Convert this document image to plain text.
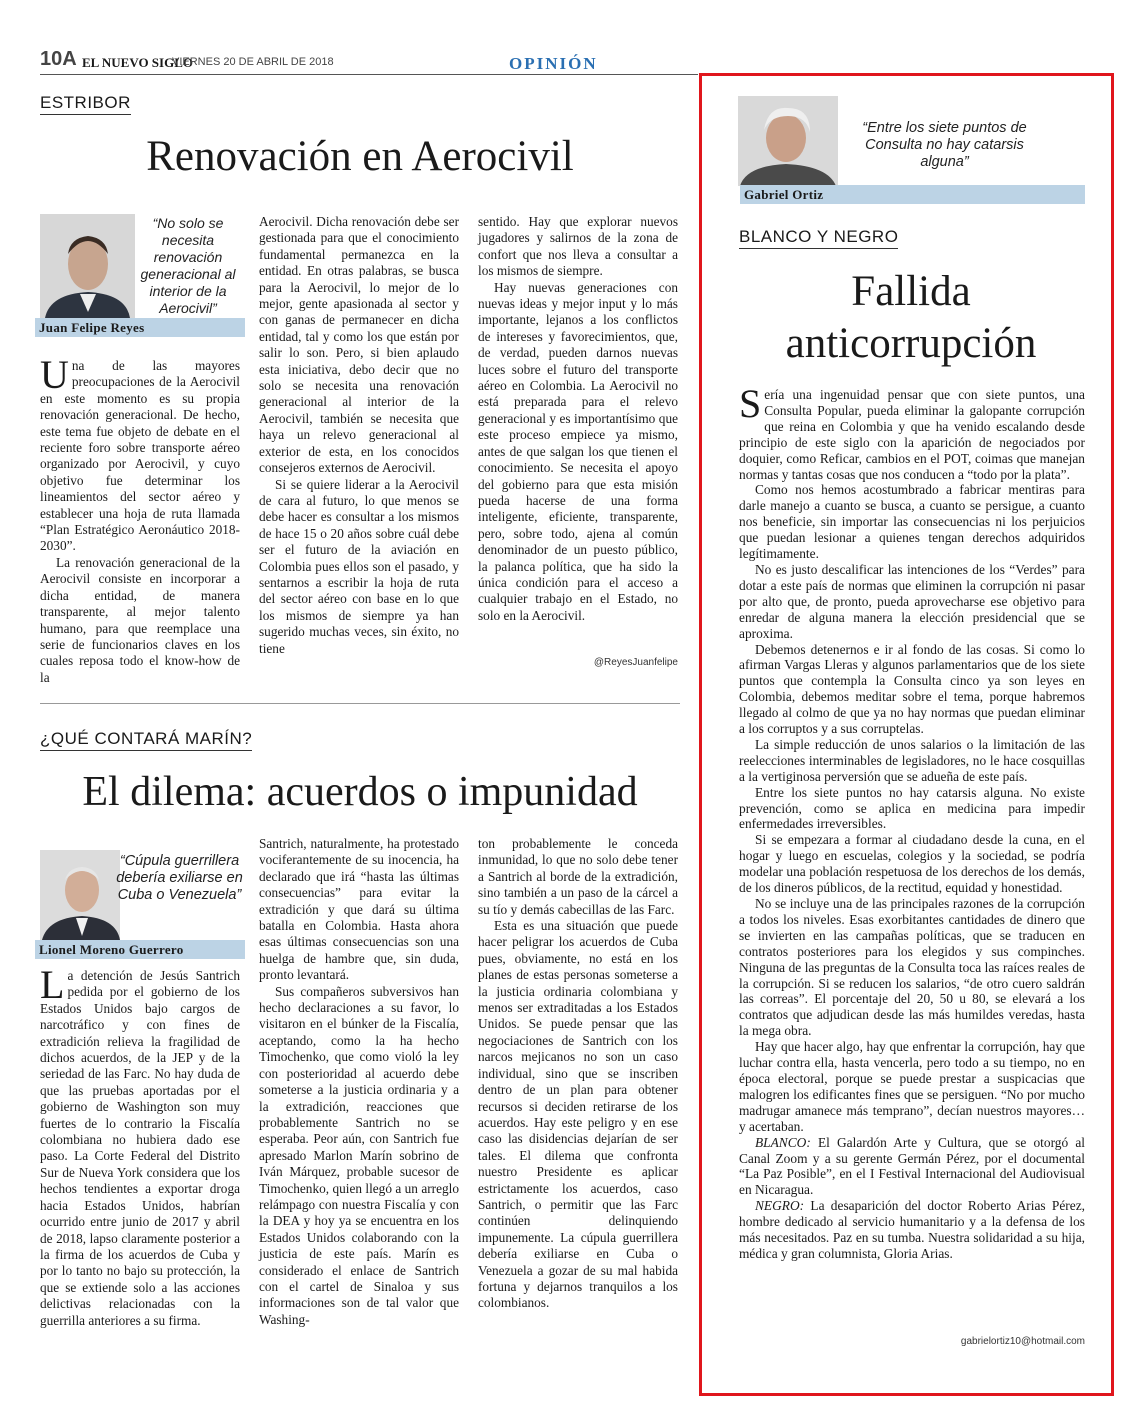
10A EL NUEVO SIGLO
VIERNES 20 DE ABRIL DE 2018	OPINIÓN
ESTRIBOR
Renovación en Aerocivil
“No solo se necesita renovación generacional al interior de la Aerocivil”
Juan Felipe Reyes

Una de las mayores preocupaciones de la Aerocivil en este momento es su propia renovación generacional. De hecho, este tema fue objeto de debate en el reciente foro sobre transporte aéreo organizado por Aerocivil, y cuyo objetivo fue determinar los lineamientos del sector aéreo y establecer una hoja de ruta llamada “Plan Estratégico Aeronáutico 2018-2030”.

La renovación generacional de la Aerocivil consiste en incorporar a dicha entidad, de manera transparente, al mejor talento humano, para que reemplace una serie de funcionarios claves en los cuales reposa todo el know-how de la

Aerocivil. Dicha renovación debe ser gestionada para que el conocimiento fundamental permanezca en la entidad. En otras palabras, se busca para la Aerocivil, lo mejor de lo mejor, gente apasionada al sector y con ganas de permanecer en dicha entidad, tal y como los que están por salir lo son. Pero, si bien aplaudo esta iniciativa, debo decir que no solo se necesita una renovación generacional al interior de la Aerocivil, también se necesita que haya un relevo generacional al exterior de esta, en los conocidos consejeros externos de Aerocivil.

Si se quiere liderar a la Aerocivil de cara al futuro, lo que menos se debe hacer es consultar a los mismos de hace 15 o 20 años sobre cuál debe ser el futuro de la aviación en Colombia pues ellos son el pasado, y sentarnos a escribir la hoja de ruta del sector aéreo con base en lo que los mismos de siempre ya han sugerido muchas veces, sin éxito, no tiene

sentido. Hay que explorar nuevos jugadores y salirnos de la zona de confort que nos lleva a consultar a los mismos de siempre.

Hay nuevas generaciones con nuevas ideas y mejor input y lo más importante, lejanos a los conflictos de intereses y favorecimientos, que, de verdad, pueden darnos nuevas luces sobre el futuro del transporte aéreo en Colombia. La Aerocivil no está preparada para el relevo generacional y es importantísimo que este proceso empiece ya mismo, antes de que salgan los que tienen el conocimiento. Se necesita el apoyo del gobierno para que esta misión pueda hacerse de una forma inteligente, eficiente, transparente, pero, sobre todo, ajena al común denominador de un puesto público, la palanca política, que ha sido la única condición para el acceso a cualquier trabajo en el Estado, no solo en la Aerocivil.

@ReyesJuanfelipe
¿QUÉ CONTARÁ MARÍN?
El dilema: acuerdos o impunidad
“Cúpula guerrillera debería exiliarse en Cuba o Venezuela”
Lionel Moreno Guerrero

La detención de Jesús Santrich pedida por el gobierno de los Estados Unidos bajo cargos de narcotráfico y con fines de extradición relieva la fragilidad de dichos acuerdos, de la JEP y de la seriedad de las Farc. No hay duda de que las pruebas aportadas por el gobierno de Washington son muy fuertes de lo contrario la Fiscalía colombiana no hubiera dado ese paso. La Corte Federal del Distrito Sur de Nueva York considera que los hechos tendientes a exportar droga hacia Estados Unidos, habrían ocurrido entre junio de 2017 y abril de 2018, lapso claramente posterior a la firma de los acuerdos de Cuba y por lo tanto no bajo su protección, la que se extiende solo a las acciones delictivas relacionadas con la guerrilla anteriores a su firma.

Santrich, naturalmente, ha protestado vociferantemente de su inocencia, ha declarado que irá “hasta las últimas consecuencias” para evitar la extradición y que dará su última batalla en Colombia. Hasta ahora esas últimas consecuencias son una huelga de hambre que, sin duda, pronto levantará.

Sus compañeros subversivos han hecho declaraciones a su favor, lo visitaron en el búnker de la Fiscalía, aceptando, como la ha hecho Timochenko, que como violó la ley con posterioridad al acuerdo debe someterse a la justicia ordinaria y a la extradición, reacciones que probablemente Santrich no se esperaba. Peor aún, con Santrich fue apresado Marlon Marín sobrino de Iván Márquez, probable sucesor de Timochenko, quien llegó a un arreglo relámpago con nuestra Fiscalía y con la DEA y hoy ya se encuentra en los Estados Unidos colaborando con la justicia de este país. Marín es considerado el enlace de Santrich con el cartel de Sinaloa y sus informaciones son de tal valor que Washing-

ton probablemente le conceda inmunidad, lo que no solo debe tener a Santrich al borde de la extradición, sino también a un paso de la cárcel a su tío y demás cabecillas de las Farc.

Esta es una situación que puede hacer peligrar los acuerdos de Cuba pues, obviamente, no está en los planes de estas personas someterse a la justicia ordinaria colombiana y menos ser extraditadas a los Estados Unidos. Se puede pensar que las negociaciones de Santrich con los narcos mejicanos no son un caso individual, sino que se inscriben dentro de un plan para obtener recursos si deciden retirarse de los acuerdos. Hay este peligro y en ese caso las disidencias dejarían de ser tales. El dilema que confronta nuestro Presidente es aplicar estrictamente los acuerdos, caso Santrich, o permitir que las Farc continúen delinquiendo impunemente. La cúpula guerrillera debería exiliarse en Cuba o Venezuela a gozar de su mal habida fortuna y dejarnos tranquilos a los colombianos.

“Entre los siete puntos de Consulta no hay catarsis alguna”
Gabriel Ortiz
BLANCO Y NEGRO
Fallida
anticorrupción

Sería una ingenuidad pensar que con siete puntos, una Consulta Popular, pueda eliminar la galopante corrupción que reina en Colombia y que ha venido escalando desde principio de este siglo con la aparición de negociados por doquier, como Reficar, cambios en el POT, coimas que manejan normas y tantas cosas que nos conducen a “todo por la plata”.

Como nos hemos acostumbrado a fabricar mentiras para darle manejo a cuanto se busca, a cuanto se persigue, a cuanto nos beneficie, sin importar las consecuencias ni los perjuicios que puedan lesionar a quienes tengan derechos adquiridos legítimamente.

No es justo descalificar las intenciones de los “Verdes” para dotar a este país de normas que eliminen la corrupción ni pasar por alto que, de pronto, pueda aprovecharse ese objetivo para enredar de alguna manera la elección presidencial que se aproxima.

Debemos detenernos e ir al fondo de las cosas. Si como lo afirman Vargas Lleras y algunos parlamentarios que de los siete puntos que contempla la Consulta cinco ya son leyes en Colombia, debemos meditar sobre el tema, porque habremos llegado al colmo de que ya no hay normas que puedan eliminar a los corruptos y a sus corruptelas.

La simple reducción de unos salarios o la limitación de las reelecciones interminables de legisladores, no le hace cosquillas a la vertiginosa perversión que se adueña de este país.

Entre los siete puntos no hay catarsis alguna. No existe prevención, como se aplica en medicina para impedir enfermedades irreversibles.

Si se empezara a formar al ciudadano desde la cuna, en el hogar y luego en escuelas, colegios y la sociedad, se podría modelar una población respetuosa de los derechos de los demás, de los dineros públicos, de la rectitud, equidad y honestidad.

No se incluye una de las principales razones de la corrupción a todos los niveles. Esas exorbitantes cantidades de dinero que se invierten en las campañas políticas, que se traducen en contratos posteriores para los elegidos y sus compinches. Ninguna de las preguntas de la Consulta toca las raíces reales de la corrupción. Si se reducen los salarios, “de otro cuero saldrán las correas”. El porcentaje del 20, 50 u 80, se elevará a los contratos que adjudican desde las más humildes veredas, hasta la mega obra.

Hay que hacer algo, hay que enfrentar la corrupción, hay que luchar contra ella, hasta vencerla, pero todo a su tiempo, no en época electoral, porque se puede prestar a suspicacias que malogren los edificantes fines que se persiguen. “No por mucho madrugar amanece más temprano”, decían nuestros mayores… y acertaban.

BLANCO: El Galardón Arte y Cultura, que se otorgó al Canal Zoom y a su gerente Germán Pérez, por el documental “La Paz Posible”, en el I Festival Internacional del Audiovisual en Nicaragua.

NEGRO: La desaparición del doctor Roberto Arias Pérez, hombre dedicado al servicio humanitario y a la defensa de los más necesitados. Paz en su tumba. Nuestra solidaridad a su hija, médica y gran columnista, Gloria Arias.

gabrielortiz10@hotmail.com
